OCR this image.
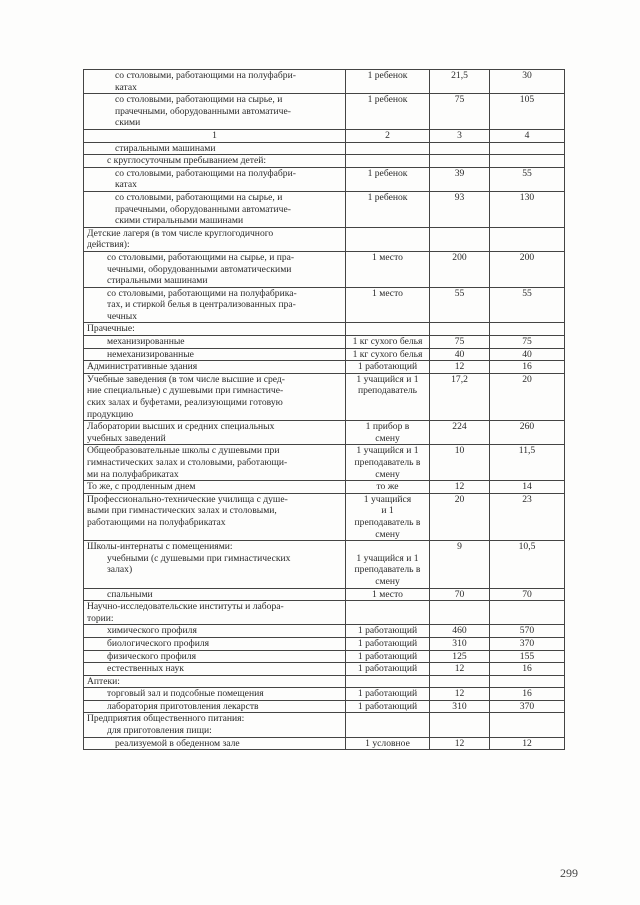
со столовыми, работающими на полуфабри-
катах	1 ребенок	21,5	30

со столовыми, работающими на сырье, и
прачечными, оборудованными автоматиче-
скими	1 ребенок	75	105

1	2	3	4

стиральными машинами			

с круглосуточным пребыванием детей:			

со столовыми, работающими на полуфабри-
катах	1 ребенок	39	55

со столовыми, работающими на сырье, и
прачечными, оборудованными автоматиче-
скими стиральными машинами	1 ребенок	93	130

Детские лагеря (в том числе круглогодичного
действия):			

со столовыми, работающими на сырье, и пра-
чечными, оборудованными автоматическими
стиральными машинами	1 место	200	200

со столовыми, работающими на полуфабрика-
тах, и стиркой белья в централизованных пра-
чечных	1 место	55	55

Прачечные:			

механизированные	1 кг сухого белья	75	75

немеханизированные	1 кг сухого белья	40	40

Административные здания	1 работающий	12	16

Учебные заведения (в том числе высшие и сред-
ние специальные) с душевыми при гимнастиче-
ских залах и буфетами, реализующими готовую
продукцию	1 учащийся и 1
преподаватель	17,2	20

Лаборатории высших и средних специальных
учебных заведений	1 прибор в
смену	224	260

Общеобразовательные школы с душевыми при
гимнастических залах и столовыми, работающи-
ми на полуфабрикатах	1 учащийся и 1
преподаватель в
смену	10	11,5

То же, с продленным днем	то же	12	14

Профессионально-технические училища с душе-
выми при гимнастических залах и столовыми,
работающими на полуфабрикатах	1 учащийся
и 1
преподаватель в
смену	20	23

Школы-интернаты с помещениями:
учебными (с душевыми при гимнастических
залах)	1 учащийся и 1
преподаватель в
смену	9	10,5

спальными	1 место	70	70

Научно-исследовательские институты и лабора-
тории:			

химического профиля	1 работающий	460	570

биологического профиля	1 работающий	310	370

физического профиля	1 работающий	125	155

естественных наук	1 работающий	12	16

Аптеки:			

торговый зал и подсобные помещения	1 работающий	12	16

лаборатория приготовления лекарств	1 работающий	310	370

Предприятия общественного питания:
для приготовления пищи:			

реализуемой в обеденном зале	1 условное	12	12
299
